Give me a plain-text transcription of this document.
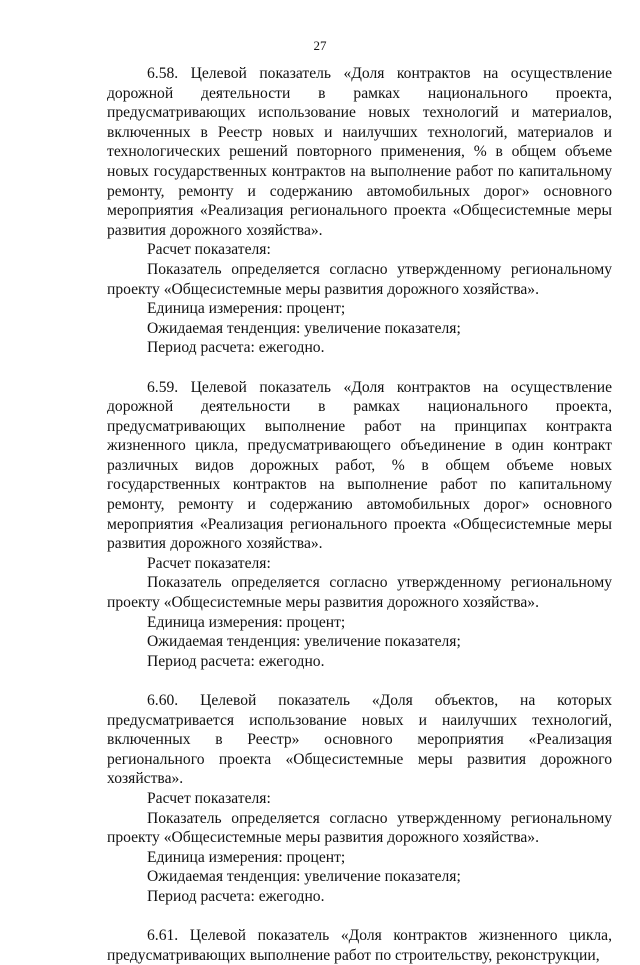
27

6.58. Целевой показатель «Доля контрактов на осуществление дорожной деятельности в рамках национального проекта, предусматривающих использование новых технологий и материалов, включенных в Реестр новых и наилучших технологий, материалов и технологических решений повторного применения, % в общем объеме новых государственных контрактов на выполнение работ по капитальному ремонту, ремонту и содержанию автомобильных дорог» основного мероприятия «Реализация регионального проекта «Общесистемные меры развития дорожного хозяйства».

Расчет показателя:

Показатель определяется согласно утвержденному региональному проекту «Общесистемные меры развития дорожного хозяйства».

Единица измерения: процент;

Ожидаемая тенденция: увеличение показателя;

Период расчета: ежегодно.

6.59. Целевой показатель «Доля контрактов на осуществление дорожной деятельности в рамках национального проекта, предусматривающих выполнение работ на принципах контракта жизненного цикла, предусматривающего объединение в один контракт различных видов дорожных работ, % в общем объеме новых государственных контрактов на выполнение работ по капитальному ремонту, ремонту и содержанию автомобильных дорог» основного мероприятия «Реализация регионального проекта «Общесистемные меры развития дорожного хозяйства».

Расчет показателя:

Показатель определяется согласно утвержденному региональному проекту «Общесистемные меры развития дорожного хозяйства».

Единица измерения: процент;

Ожидаемая тенденция: увеличение показателя;

Период расчета: ежегодно.

6.60. Целевой показатель «Доля объектов, на которых предусматривается использование новых и наилучших технологий, включенных в Реестр» основного мероприятия «Реализация регионального проекта «Общесистемные меры развития дорожного хозяйства».

Расчет показателя:

Показатель определяется согласно утвержденному региональному проекту «Общесистемные меры развития дорожного хозяйства».

Единица измерения: процент;

Ожидаемая тенденция: увеличение показателя;

Период расчета: ежегодно.

6.61. Целевой показатель «Доля контрактов жизненного цикла, предусматривающих выполнение работ по строительству, реконструкции,
